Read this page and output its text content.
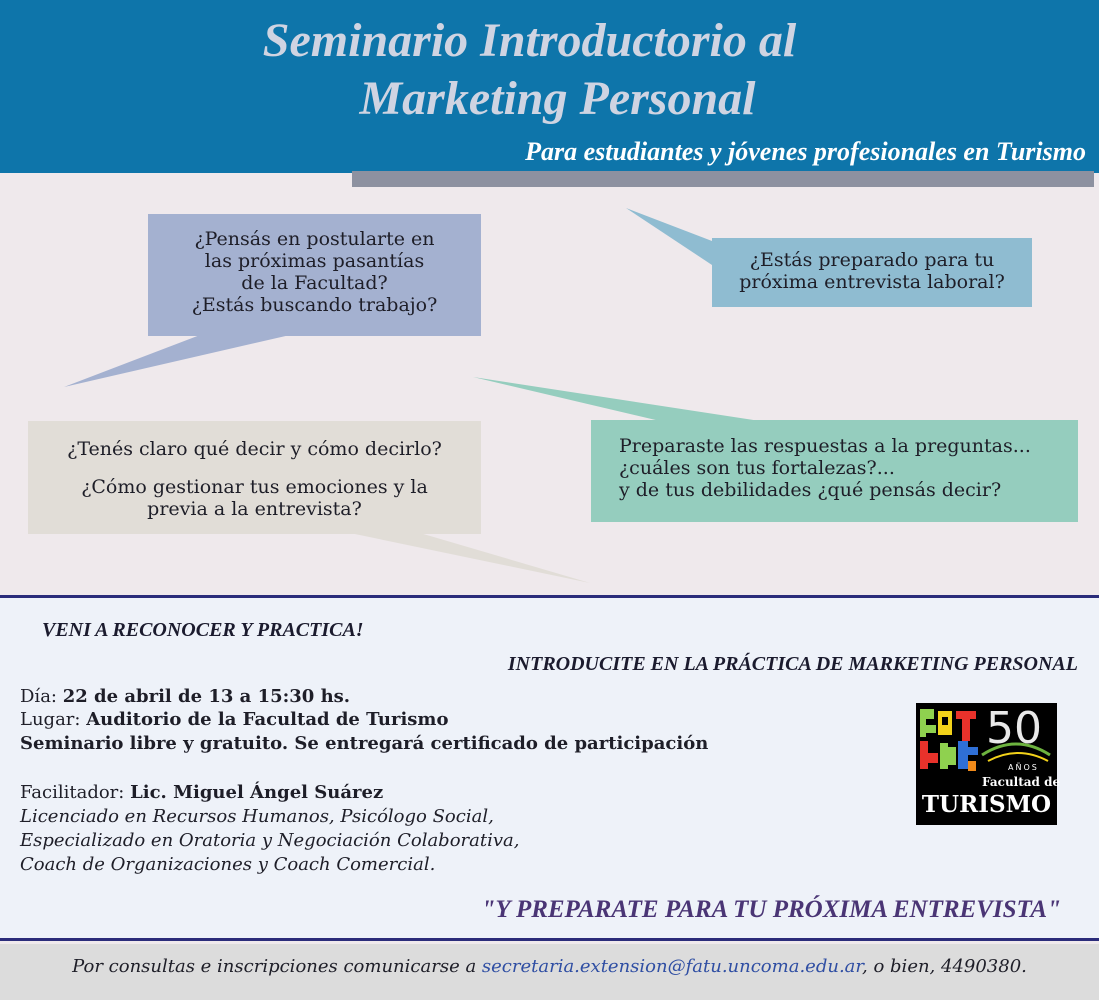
Seminario Introductorio al
Marketing Personal
Para estudiantes y jóvenes profesionales en Turismo
¿Pensás en postularte en
las próximas pasantías
de la Facultad?
¿Estás buscando trabajo?
¿Estás preparado para tu
próxima entrevista laboral?
¿Tenés claro qué decir y cómo decirlo?
¿Cómo gestionar tus emociones y la
previa a la entrevista?
Preparaste las respuestas a la preguntas...
¿cuáles son tus fortalezas?...
y de tus debilidades ¿qué pensás decir?
VENI A RECONOCER Y PRACTICA!
INTRODUCITE EN LA PRÁCTICA DE MARKETING PERSONAL
Día: 22 de abril de 13 a 15:30 hs.
Lugar: Auditorio de la Facultad de Turismo
Seminario libre y gratuito. Se entregará certificado de participación
Facilitador: Lic. Miguel Ángel Suárez
Licenciado en Recursos Humanos, Psicólogo Social,
Especializado en Oratoria y Negociación Colaborativa,
Coach de Organizaciones y Coach Comercial.
"Y PREPARATE PARA TU PRÓXIMA ENTREVISTA"
50
AÑOS
Facultad de
TURISMO
Por consultas e inscripciones comunicarse a secretaria.extension@fatu.uncoma.edu.ar, o bien, 4490380.
